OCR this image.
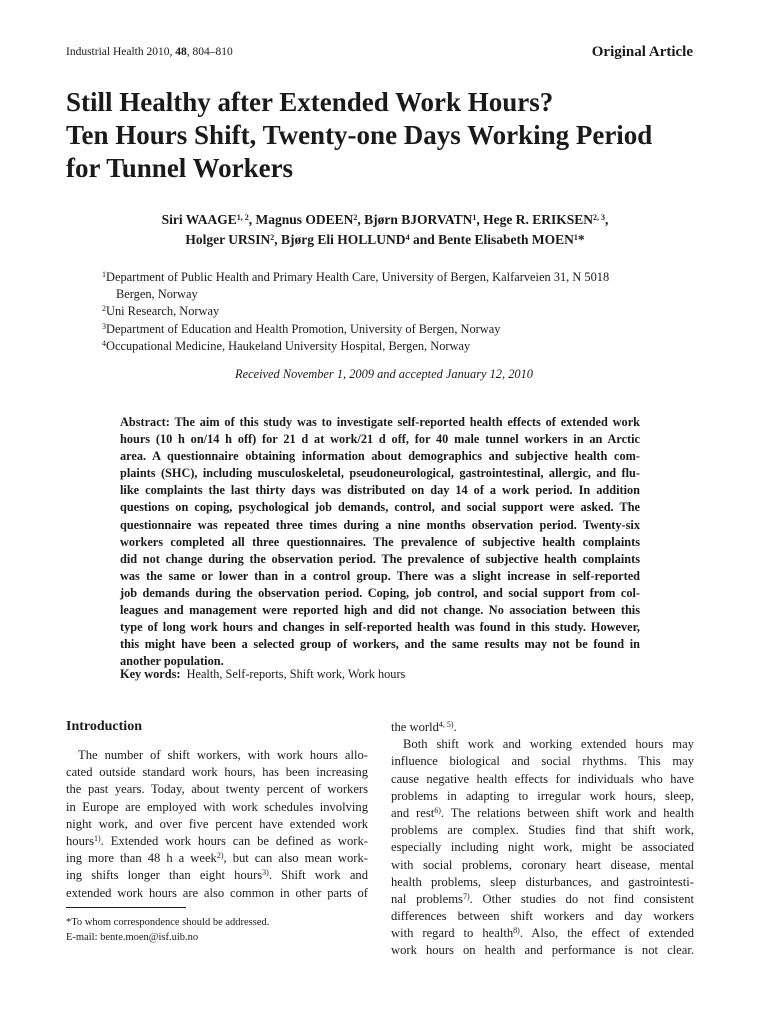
Industrial Health 2010, 48, 804–810	Original Article
Still Healthy after Extended Work Hours?
Ten Hours Shift, Twenty-one Days Working Period
for Tunnel Workers
Siri WAAGE$^{1, 2}$, Magnus ODEEN$^2$, Bjørn BJORVATN$^1$, Hege R. ERIKSEN$^{2, 3}$,
Holger URSIN$^2$, Bjørg Eli HOLLUND$^4$ and Bente Elisabeth MOEN$^1$*
$^1$Department of Public Health and Primary Health Care, University of Bergen, Kalfarveien 31, N 5018
Bergen, Norway
$^2$Uni Research, Norway
$^3$Department of Education and Health Promotion, University of Bergen, Norway
$^4$Occupational Medicine, Haukeland University Hospital, Bergen, Norway
Received November 1, 2009 and accepted January 12, 2010
Abstract: The aim of this study was to investigate self-reported health effects of extended work
hours (10 h on/14 h off) for 21 d at work/21 d off, for 40 male tunnel workers in an Arctic
area. A questionnaire obtaining information about demographics and subjective health com-
plaints (SHC), including musculoskeletal, pseudoneurological, gastrointestinal, allergic, and flu-
like complaints the last thirty days was distributed on day 14 of a work period. In addition
questions on coping, psychological job demands, control, and social support were asked. The
questionnaire was repeated three times during a nine months observation period. Twenty-six
workers completed all three questionnaires. The prevalence of subjective health complaints
did not change during the observation period. The prevalence of subjective health complaints
was the same or lower than in a control group. There was a slight increase in self-reported
job demands during the observation period. Coping, job control, and social support from col-
leagues and management were reported high and did not change. No association between this
type of long work hours and changes in self-reported health was found in this study. However,
this might have been a selected group of workers, and the same results may not be found in
another population.
Key words:  Health, Self-reports, Shift work, Work hours
Introduction
The number of shift workers, with work hours allo-
cated outside standard work hours, has been increasing
the past years. Today, about twenty percent of workers
in Europe are employed with work schedules involving
night work, and over five percent have extended work
hours$^{1)}$. Extended work hours can be defined as work-
ing more than 48 h a week$^{2)}$, but can also mean work-
ing shifts longer than eight hours$^{3)}$. Shift work and
extended work hours are also common in other parts of
the world$^{4, 5)}$.
Both shift work and working extended hours may
influence biological and social rhythms. This may
cause negative health effects for individuals who have
problems in adapting to irregular work hours, sleep,
and rest$^{6)}$. The relations between shift work and health
problems are complex. Studies find that shift work,
especially including night work, might be associated
with social problems, coronary heart disease, mental
health problems, sleep disturbances, and gastrointesti-
nal problems$^{7)}$. Other studies do not find consistent
differences between shift workers and day workers
with regard to health$^{8)}$. Also, the effect of extended
work hours on health and performance is not clear.
*To whom correspondence should be addressed.
E-mail: bente.moen@isf.uib.no
